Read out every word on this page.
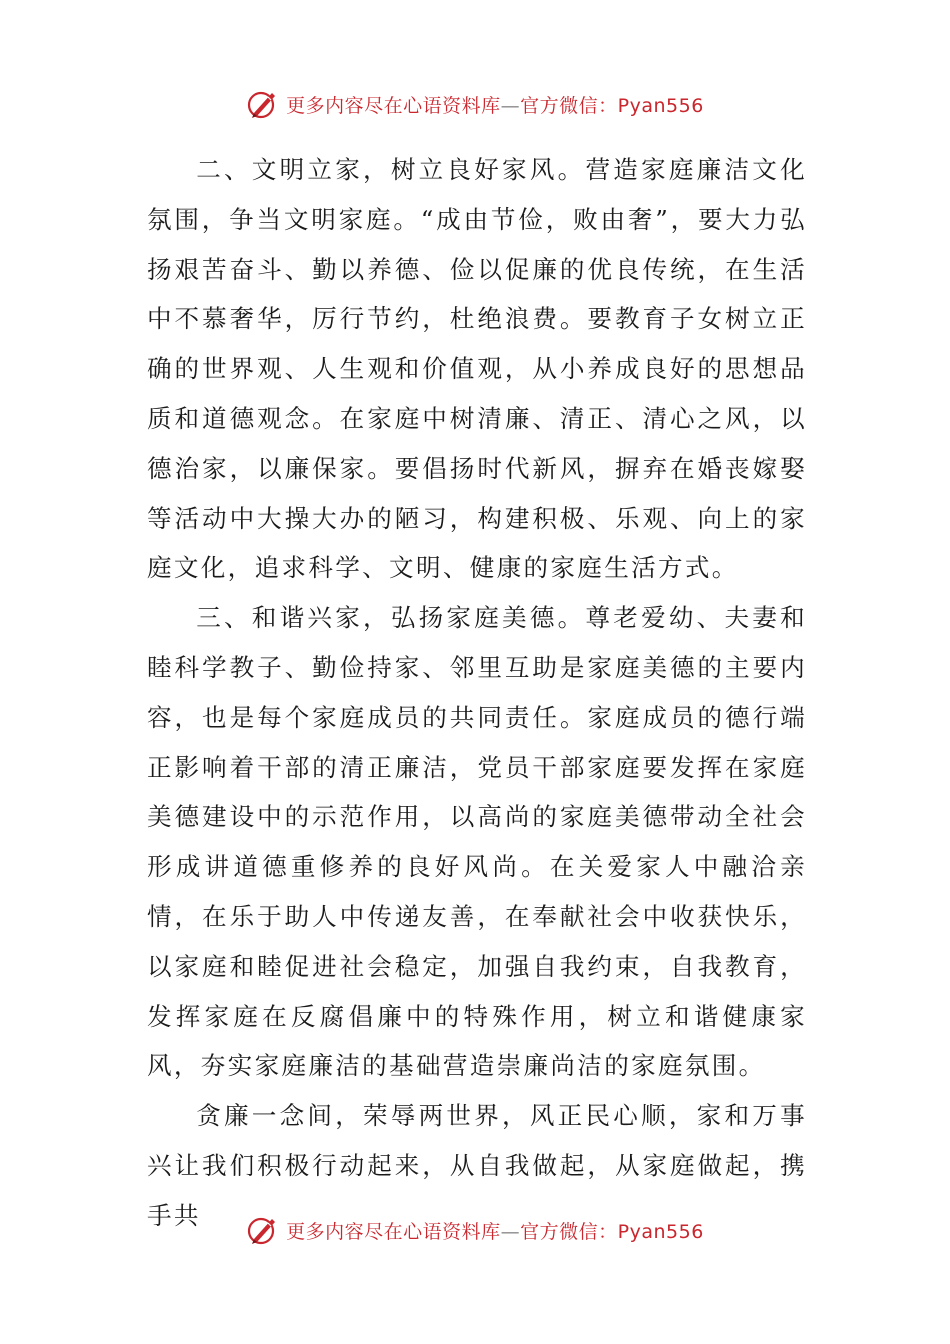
更多内容尽在心语资料库—官方微信：Pyan556

二、文明立家，树立良好家风。营造家庭廉洁文化氛围，争当文明家庭。“成由节俭，败由奢”，要大力弘扬艰苦奋斗、勤以养德、俭以促廉的优良传统，在生活中不慕奢华，厉行节约，杜绝浪费。要教育子女树立正确的世界观、人生观和价值观，从小养成良好的思想品质和道德观念。在家庭中树清廉、清正、清心之风，以德治家，以廉保家。要倡扬时代新风，摒弃在婚丧嫁娶等活动中大操大办的陋习，构建积极、乐观、向上的家庭文化，追求科学、文明、健康的家庭生活方式。

三、和谐兴家，弘扬家庭美德。尊老爱幼、夫妻和睦科学教子、勤俭持家、邻里互助是家庭美德的主要内容，也是每个家庭成员的共同责任。家庭成员的德行端正影响着干部的清正廉洁，党员干部家庭要发挥在家庭美德建设中的示范作用，以高尚的家庭美德带动全社会形成讲道德重修养的良好风尚。在关爱家人中融洽亲情，在乐于助人中传递友善，在奉献社会中收获快乐，以家庭和睦促进社会稳定，加强自我约束，自我教育，发挥家庭在反腐倡廉中的特殊作用，树立和谐健康家风，夯实家庭廉洁的基础营造崇廉尚洁的家庭氛围。

贪廉一念间，荣辱两世界，风正民心顺，家和万事兴让我们积极行动起来，从自我做起，从家庭做起，携手共

更多内容尽在心语资料库—官方微信：Pyan556
